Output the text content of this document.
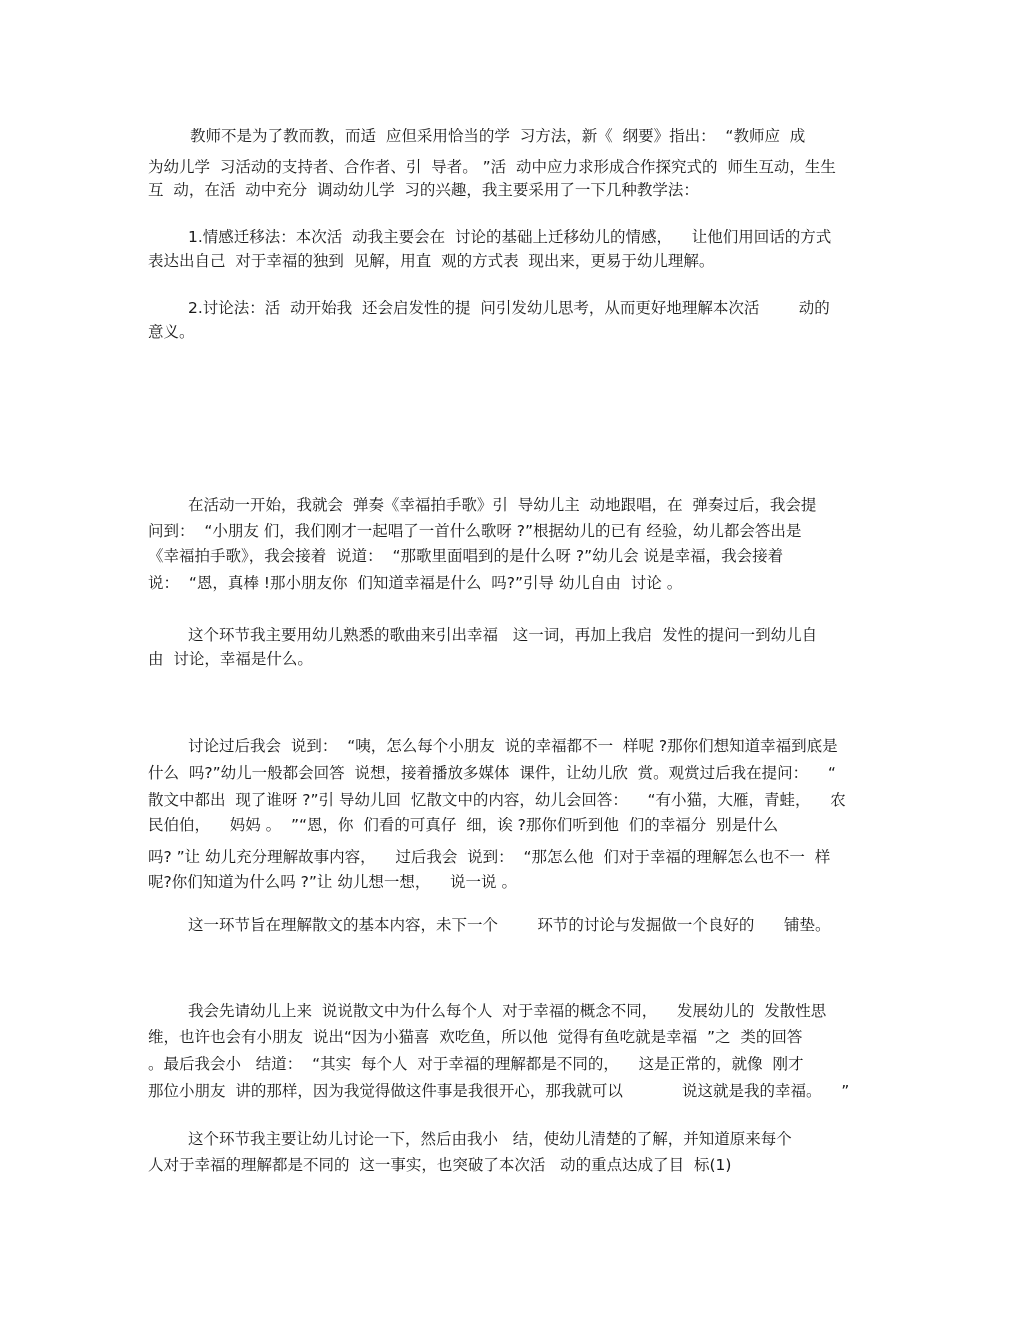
教师不是为了教而教，而适  应但采用恰当的学  习方法，新《  纲要》指出：  “教师应  成
为幼儿学  习活动的支持者、合作者、引  导者。 ”活  动中应力求形成合作探究式的  师生互动，生生
互  动，在活  动中充分  调动幼儿学  习的兴趣，我主要采用了一下几种教学法：
1.情感迁移法：本次活  动我主要会在  讨论的基础上迁移幼儿的情感，    让他们用回话的方式
表达出自己  对于幸福的独到  见解，用直  观的方式表  现出来，更易于幼儿理解。
2.讨论法：活  动开始我  还会启发性的提  问引发幼儿思考，从而更好地理解本次活        动的
意义。
在活动一开始，我就会  弹奏《幸福拍手歌》引  导幼儿主  动地跟唱，在  弹奏过后，我会提
问到：  “小朋友 们，我们刚才一起唱了一首什么歌呀 ?”根据幼儿的已有 经验，幼儿都会答出是
《幸福拍手歌》，我会接着  说道：  “那歌里面唱到的是什么呀 ?”幼儿会 说是幸福，我会接着
说：  “恩，真棒 !那小朋友你  们知道幸福是什么  吗?”引导 幼儿自由  讨论 。
这个环节我主要用幼儿熟悉的歌曲来引出幸福   这一词，再加上我启  发性的提问一到幼儿自
由  讨论，幸福是什么。
讨论过后我会  说到：  “咦，怎么每个小朋友  说的幸福都不一  样呢 ?那你们想知道幸福到底是
什么  吗?”幼儿一般都会回答  说想，接着播放多媒体  课件，让幼儿欣  赏。观赏过后我在提问：    “
散文中都出  现了谁呀 ?”引 导幼儿回  忆散文中的内容，幼儿会回答：    “有小猫，大雁，青蛙，    农
民伯伯，    妈妈 。  ”“恩，你  们看的可真仔  细，诶 ?那你们听到他  们的幸福分  别是什么
吗? ”让 幼儿充分理解故事内容，    过后我会  说到：  “那怎么他  们对于幸福的理解怎么也不一  样
呢?你们知道为什么吗 ?”让 幼儿想一想，    说一说 。
这一环节旨在理解散文的基本内容，未下一个        环节的讨论与发掘做一个良好的      铺垫。
我会先请幼儿上来  说说散文中为什么每个人  对于幸福的概念不同，    发展幼儿的  发散性思
维，也许也会有小朋友  说出“因为小猫喜  欢吃鱼，所以他  觉得有鱼吃就是幸福  ”之  类的回答
。最后我会小   结道：  “其实  每个人  对于幸福的理解都是不同的，    这是正常的，就像  刚才
那位小朋友  讲的那样，因为我觉得做这件事是我很开心，那我就可以            说这就是我的幸福。    ”
这个环节我主要让幼儿讨论一下，然后由我小   结，使幼儿清楚的了解，并知道原来每个
人对于幸福的理解都是不同的  这一事实，也突破了本次活   动的重点达成了目  标(1)
